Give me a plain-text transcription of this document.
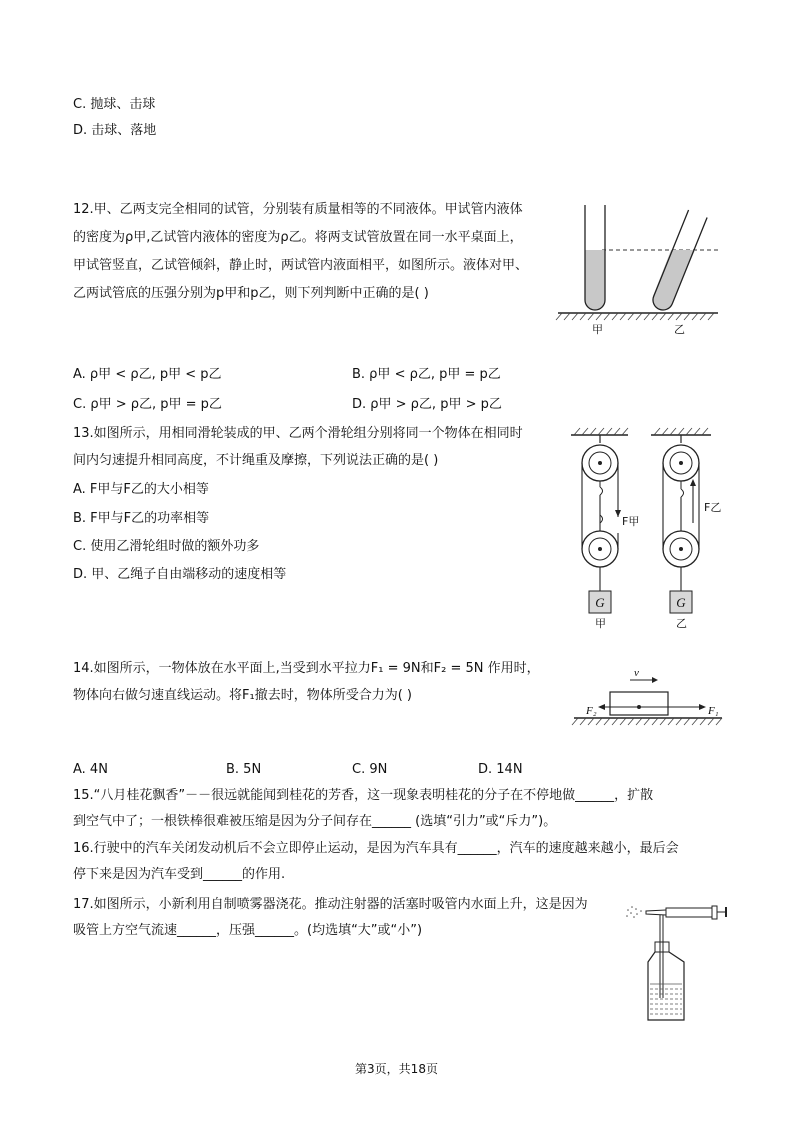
C. 抛球、击球
D. 击球、落地
12.甲、乙两支完全相同的试管，分别装有质量相等的不同液体。甲试管内液体
的密度为ρ甲,乙试管内液体的密度为ρ乙。将两支试管放置在同一水平桌面上，
甲试管竖直，乙试管倾斜，静止时，两试管内液面相平，如图所示。液体对甲、
乙两试管底的压强分别为p甲和p乙，则下列判断中正确的是( )
甲	乙
A. ρ甲 < ρ乙, p甲 < p乙	B. ρ甲 < ρ乙, p甲 = p乙
C. ρ甲 > ρ乙, p甲 = p乙	D. ρ甲 > ρ乙, p甲 > p乙
13.如图所示，用相同滑轮装成的甲、乙两个滑轮组分别将同一个物体在相同时
间内匀速提升相同高度，不计绳重及摩擦，下列说法正确的是( )
A. F甲与F乙的大小相等
B. F甲与F乙的功率相等
C. 使用乙滑轮组时做的额外功多
D. 甲、乙绳子自由端移动的速度相等
G
F甲
甲
G
F乙
乙
14.如图所示，一物体放在水平面上,当受到水平拉力F₁ = 9N和F₂ = 5N 作用时，
物体向右做匀速直线运动。将F₁撤去时，物体所受合力为( )
v
F₂	F₁
A. 4N	B. 5N	C. 9N	D. 14N
15.“八月桂花飘香”－－很远就能闻到桂花的芳香，这一现象表明桂花的分子在不停地做______，扩散
到空气中了；一根铁棒很难被压缩是因为分子间存在______ (选填“引力”或“斥力”)。
16.行驶中的汽车关闭发动机后不会立即停止运动，是因为汽车具有______，汽车的速度越来越小，最后会
停下来是因为汽车受到______的作用.
17.如图所示，小新利用自制喷雾器浇花。推动注射器的活塞时吸管内水面上升，这是因为
吸管上方空气流速______，压强______。(均选填“大”或“小”)
第3页，共18页
